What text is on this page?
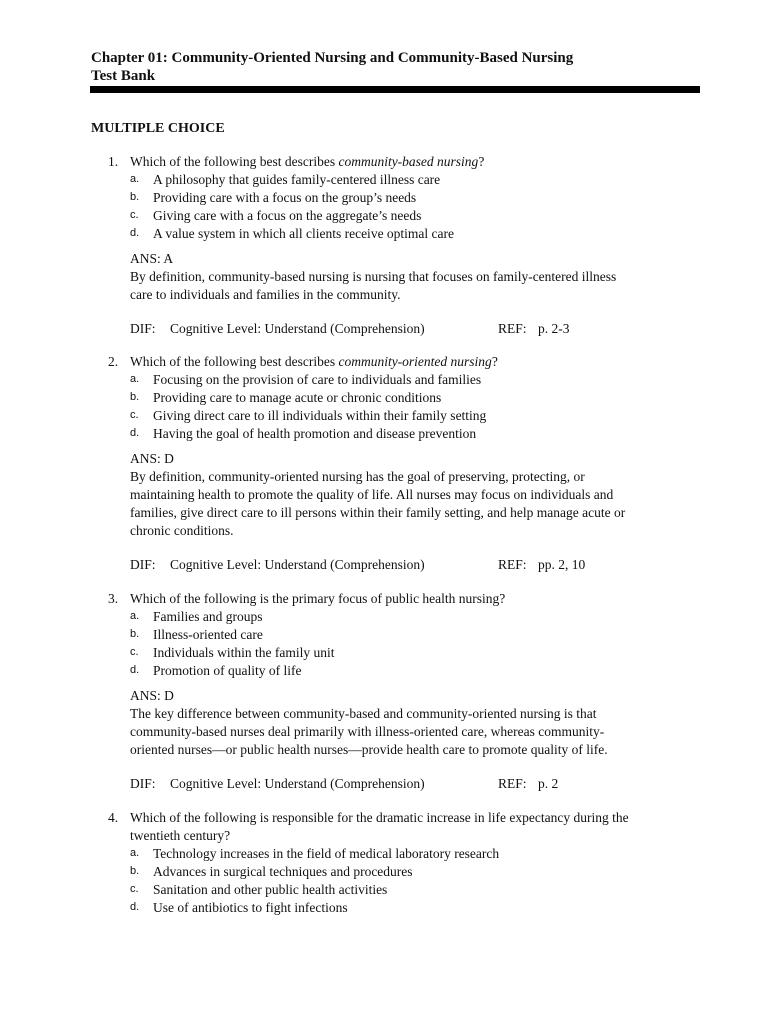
Chapter 01: Community-Oriented Nursing and Community-Based Nursing
Test Bank
MULTIPLE CHOICE
1. Which of the following best describes community-based nursing?
a. A philosophy that guides family-centered illness care
b. Providing care with a focus on the group’s needs
c. Giving care with a focus on the aggregate’s needs
d. A value system in which all clients receive optimal care
ANS: A
By definition, community-based nursing is nursing that focuses on family-centered illness
care to individuals and families in the community.
DIF: Cognitive Level: Understand (Comprehension)	REF: p. 2-3
2. Which of the following best describes community-oriented nursing?
a. Focusing on the provision of care to individuals and families
b. Providing care to manage acute or chronic conditions
c. Giving direct care to ill individuals within their family setting
d. Having the goal of health promotion and disease prevention
ANS: D
By definition, community-oriented nursing has the goal of preserving, protecting, or
maintaining health to promote the quality of life. All nurses may focus on individuals and
families, give direct care to ill persons within their family setting, and help manage acute or
chronic conditions.
DIF: Cognitive Level: Understand (Comprehension)	REF: pp. 2, 10
3. Which of the following is the primary focus of public health nursing?
a. Families and groups
b. Illness-oriented care
c. Individuals within the family unit
d. Promotion of quality of life
ANS: D
The key difference between community-based and community-oriented nursing is that
community-based nurses deal primarily with illness-oriented care, whereas community-
oriented nurses—or public health nurses—provide health care to promote quality of life.
DIF: Cognitive Level: Understand (Comprehension)	REF: p. 2
4. Which of the following is responsible for the dramatic increase in life expectancy during the
twentieth century?
a. Technology increases in the field of medical laboratory research
b. Advances in surgical techniques and procedures
c. Sanitation and other public health activities
d. Use of antibiotics to fight infections
